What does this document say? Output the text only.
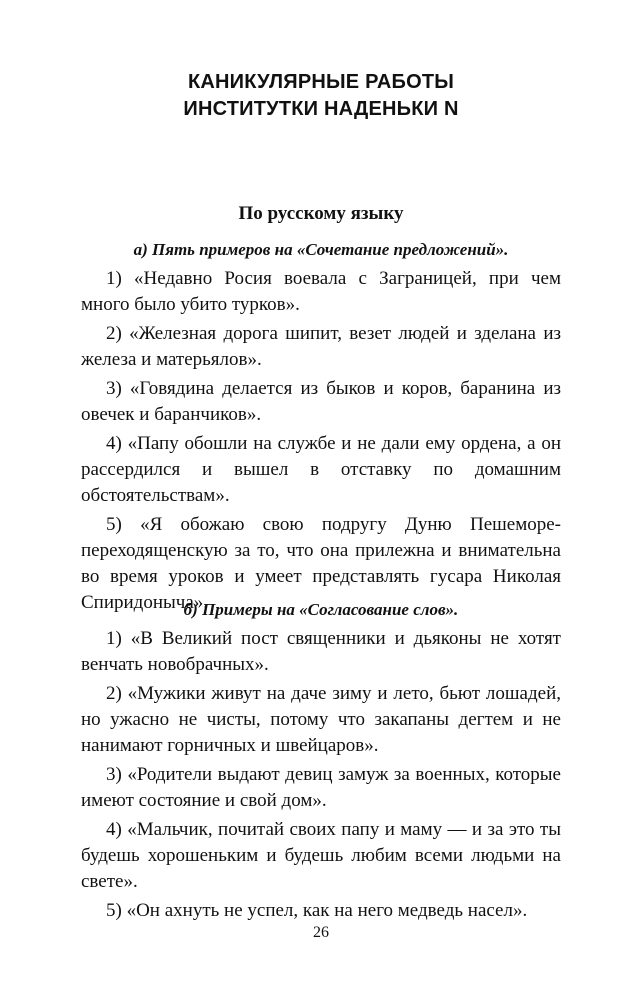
КАНИКУЛЯРНЫЕ РАБОТЫ
ИНСТИТУТКИ НАДЕНЬКИ N
По русскому языку
а) Пять примеров на «Сочетание предложений».
1) «Недавно Росия воевала с Заграницей, при чем много было убито турков».
2) «Железная дорога шипит, везет людей и зделана из железа и матерьялов».
3) «Говядина делается из быков и коров, баранина из овечек и баранчиков».
4) «Папу обошли на службе и не дали ему ордена, а он рассердился и вышел в отставку по домашним обстоятельствам».
5) «Я обожаю свою подругу Дуню Пешеморепереходященскую за то, что она прилежна и внимательна во время уроков и умеет представлять гусара Николая Спиридоныча».
б) Примеры на «Согласование слов».
1) «В Великий пост священники и дьяконы не хотят венчать новобрачных».
2) «Мужики живут на даче зиму и лето, бьют лошадей, но ужасно не чисты, потому что закапаны дегтем и не нанимают горничных и швейцаров».
3) «Родители выдают девиц замуж за военных, которые имеют состояние и свой дом».
4) «Мальчик, почитай своих папу и маму — и за это ты будешь хорошеньким и будешь любим всеми людьми на свете».
5) «Он ахнуть не успел, как на него медведь насел».
26
